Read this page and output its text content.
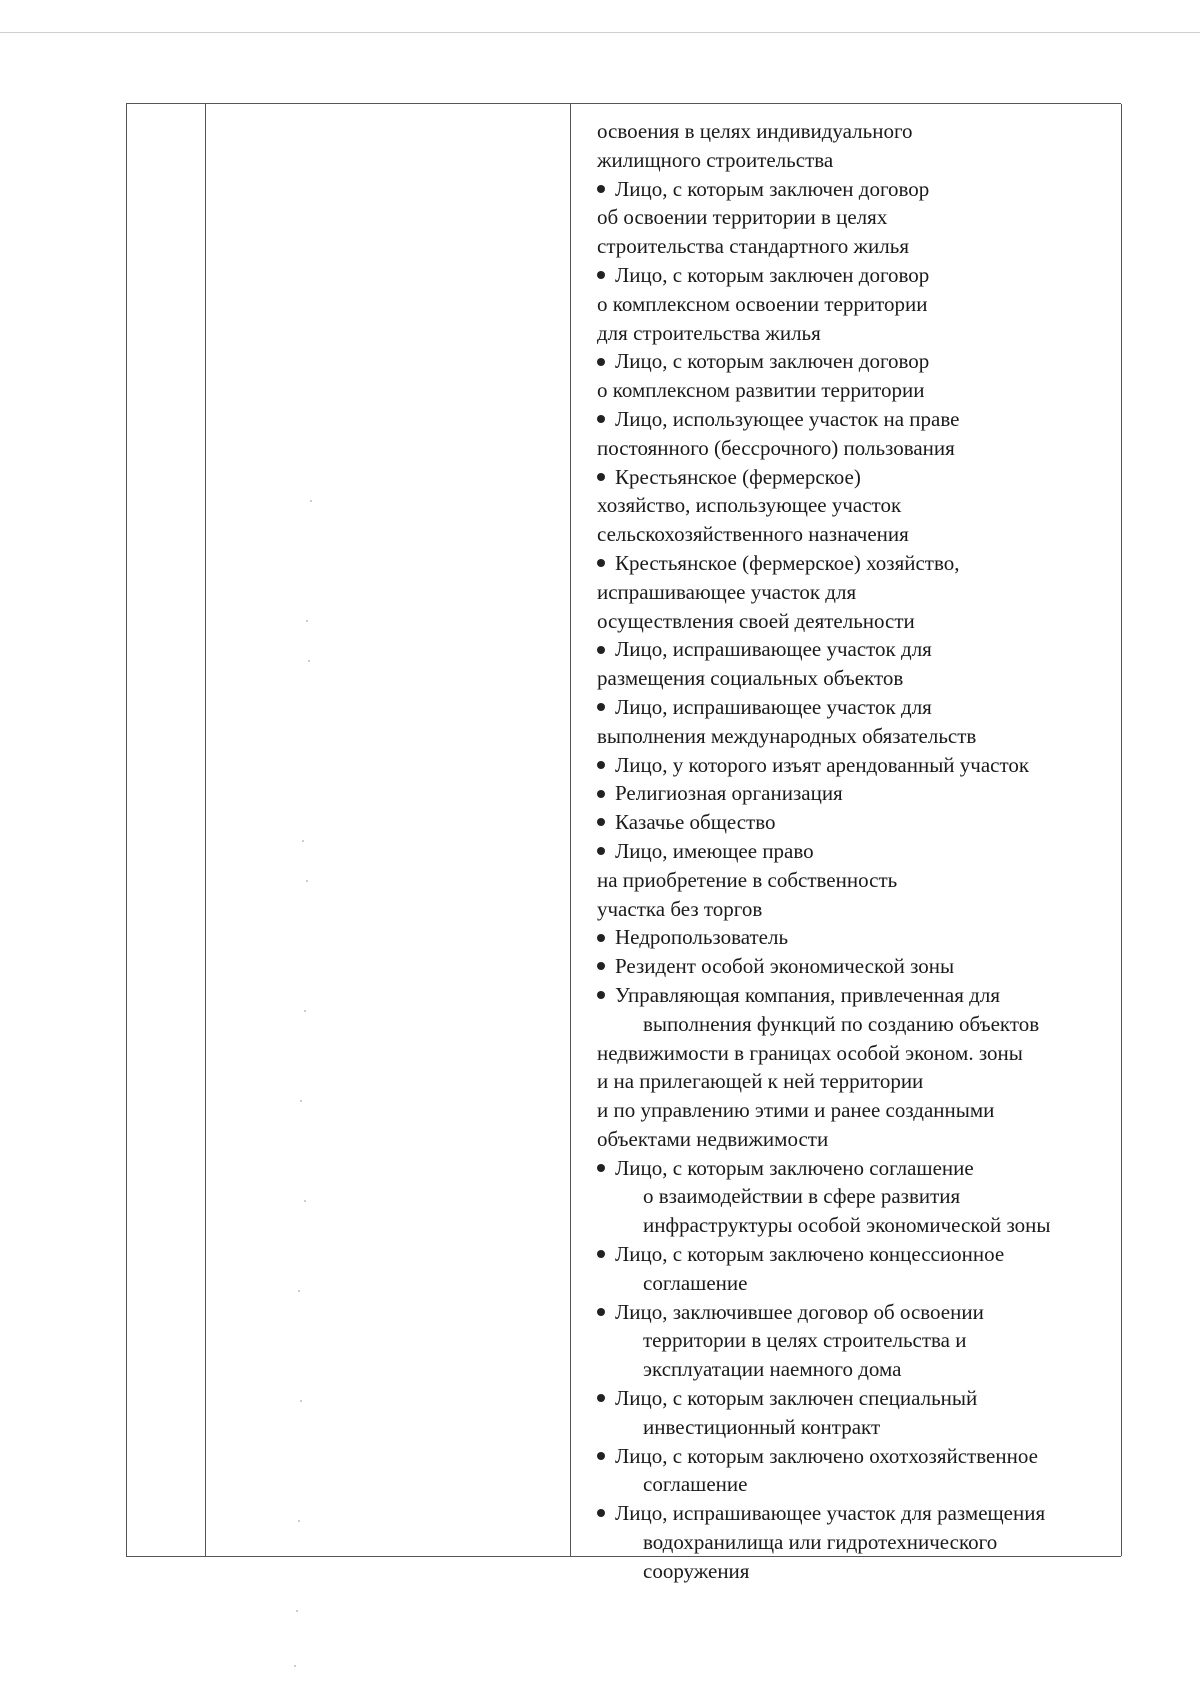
освоения в целях индивидуального

жилищного строительства

Лицо, с которым заключен договор

об освоении территории в целях

строительства стандартного жилья

Лицо, с которым заключен договор

о комплексном освоении территории

для строительства жилья

Лицо, с которым заключен договор

о комплексном развитии территории

Лицо, использующее участок на праве

постоянного (бессрочного) пользования

Крестьянское (фермерское)

хозяйство, использующее участок

сельскохозяйственного назначения

Крестьянское (фермерское) хозяйство,

испрашивающее участок для

осуществления своей деятельности

Лицо, испрашивающее участок для

размещения социальных объектов

Лицо, испрашивающее участок для

выполнения международных обязательств

Лицо, у которого изъят арендованный участок

Религиозная организация

Казачье общество

Лицо, имеющее право

на приобретение в собственность

участка без торгов

Недропользователь

Резидент особой экономической зоны

Управляющая компания, привлеченная для

выполнения функций по созданию объектов

недвижимости в границах особой эконом. зоны

и на прилегающей к ней территории

и по управлению этими и ранее созданными

объектами недвижимости

Лицо, с которым заключено соглашение

о взаимодействии в сфере развития

инфраструктуры особой экономической зоны

Лицо, с которым заключено концессионное

соглашение

Лицо, заключившее договор об освоении

территории в целях строительства и

эксплуатации наемного дома

Лицо, с которым заключен специальный

инвестиционный контракт

Лицо, с которым заключено охотхозяйственное

соглашение

Лицо, испрашивающее участок для размещения

водохранилища или гидротехнического

сооружения
